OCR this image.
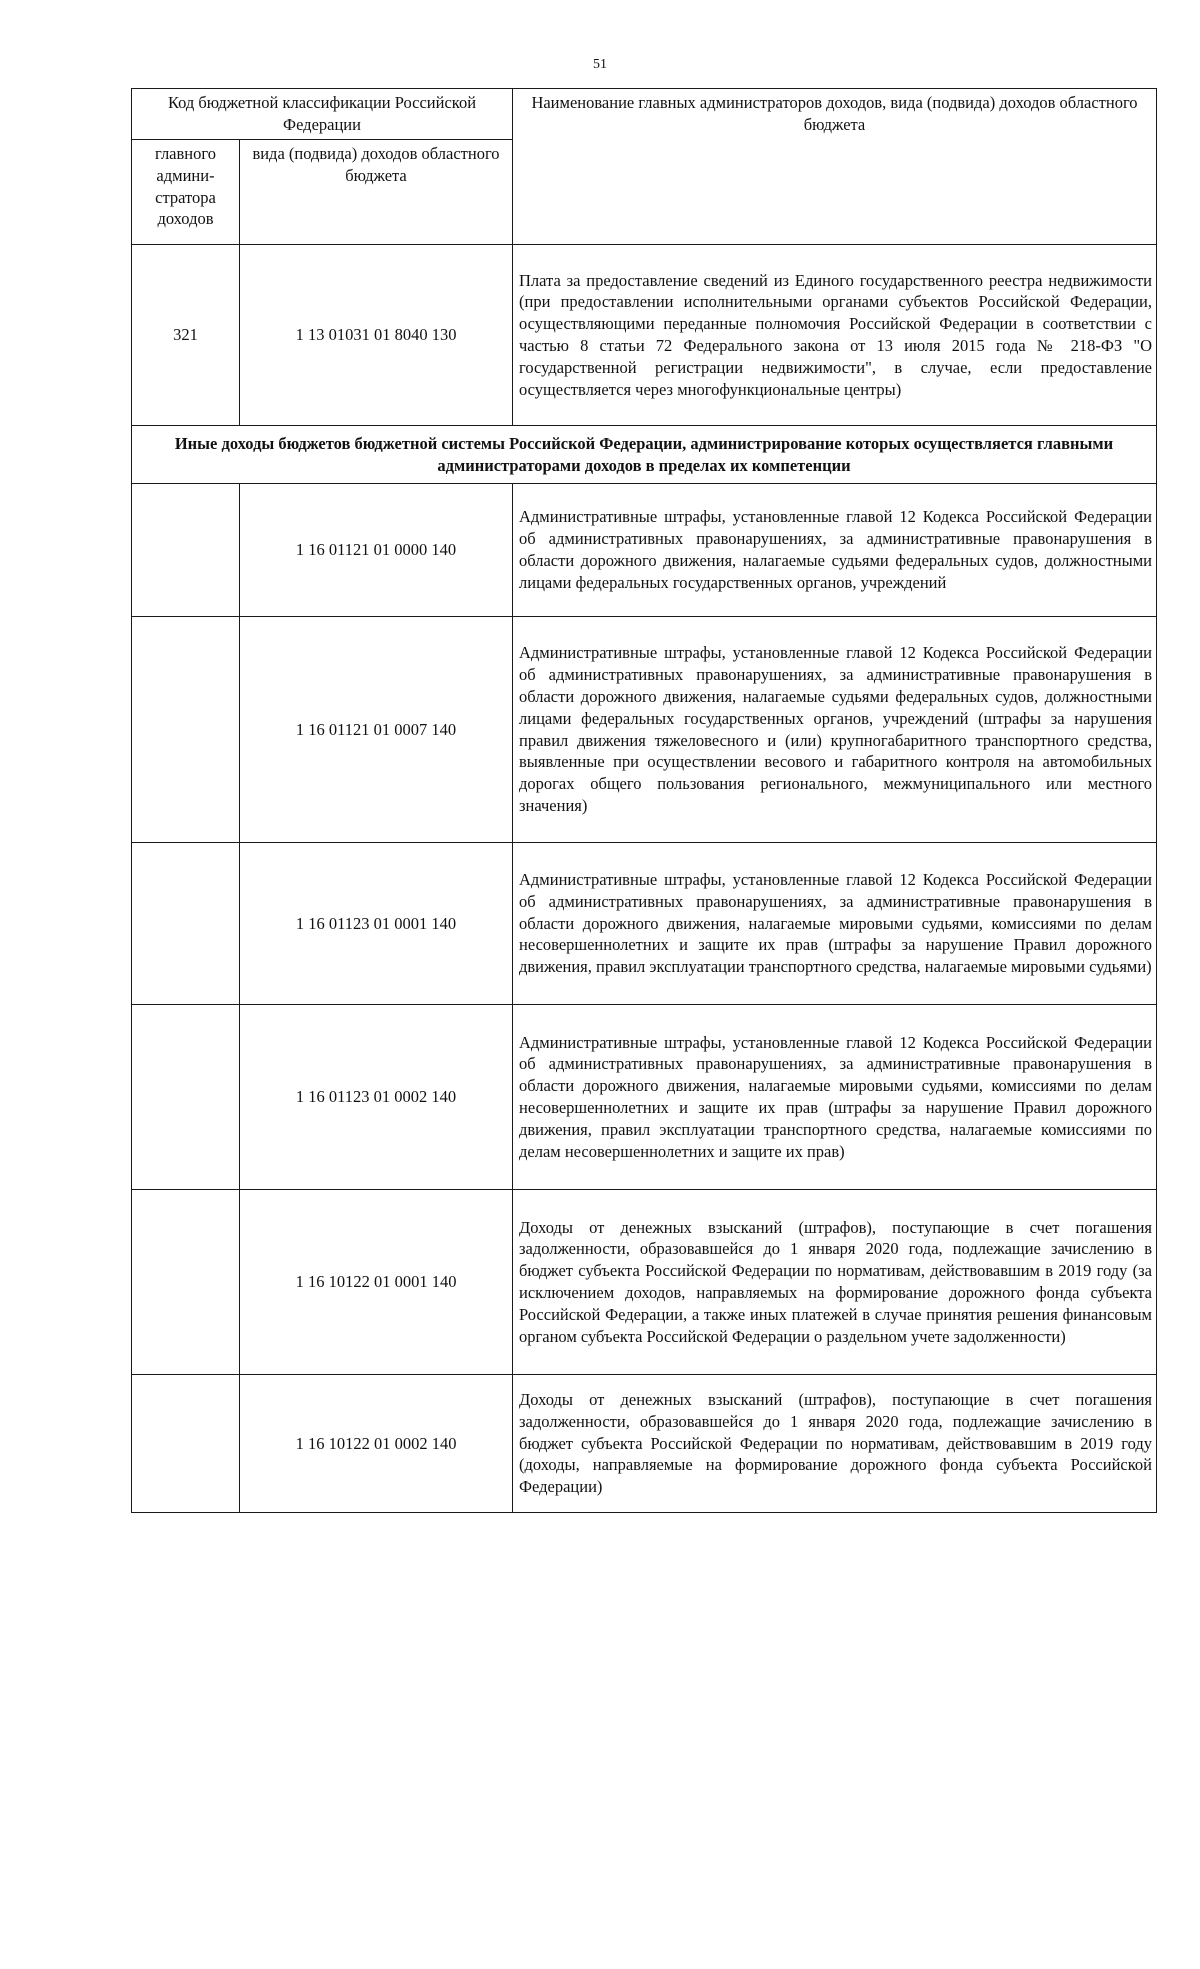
51
Код бюджетной классификации Российской Федерации		Наименование главных администраторов доходов, вида (подвида) доходов областного бюджета
главного админи-стратора доходов	вида (подвида) доходов областного бюджета	
321	1 13 01031 01 8040 130	Плата за предоставление сведений из Единого государственного реестра недвижимости (при предоставлении исполнительными органами субъектов Российской Федерации, осуществляющими переданные полномочия Российской Федерации в соответствии с частью 8 статьи 72 Федерального закона от 13 июля 2015 года № 218-ФЗ "О государственной регистрации недвижимости", в случае, если предоставление осуществляется через многофункциональные центры)
Иные доходы бюджетов бюджетной системы Российской Федерации, администрирование которых осуществляется главными администраторами доходов в пределах их компетенции		
	1 16 01121 01 0000 140	Административные штрафы, установленные главой 12 Кодекса Российской Федерации об административных правонарушениях, за административные правонарушения в области дорожного движения, налагаемые судьями федеральных судов, должностными лицами федеральных государственных органов, учреждений
	1 16 01121 01 0007 140	Административные штрафы, установленные главой 12 Кодекса Российской Федерации об административных правонарушениях, за административные правонарушения в области дорожного движения, налагаемые судьями федеральных судов, должностными лицами федеральных государственных органов, учреждений (штрафы за нарушения правил движения тяжеловесного и (или) крупногабаритного транспортного средства, выявленные при осуществлении весового и габаритного контроля на автомобильных дорогах общего пользования регионального, межмуниципального или местного значения)
	1 16 01123 01 0001 140	Административные штрафы, установленные главой 12 Кодекса Российской Федерации об административных правонарушениях, за административные правонарушения в области дорожного движения, налагаемые мировыми судьями, комиссиями по делам несовершеннолетних и защите их прав (штрафы за нарушение Правил дорожного движения, правил эксплуатации транспортного средства, налагаемые мировыми судьями)
	1 16 01123 01 0002 140	Административные штрафы, установленные главой 12 Кодекса Российской Федерации об административных правонарушениях, за административные правонарушения в области дорожного движения, налагаемые мировыми судьями, комиссиями по делам несовершеннолетних и защите их прав (штрафы за нарушение Правил дорожного движения, правил эксплуатации транспортного средства, налагаемые комиссиями по делам несовершеннолетних и защите их прав)
	1 16 10122 01 0001 140	Доходы от денежных взысканий (штрафов), поступающие в счет погашения задолженности, образовавшейся до 1 января 2020 года, подлежащие зачислению в бюджет субъекта Российской Федерации по нормативам, действовавшим в 2019 году (за исключением доходов, направляемых на формирование дорожного фонда субъекта Российской Федерации, а также иных платежей в случае принятия решения финансовым органом субъекта Российской Федерации о раздельном учете задолженности)
	1 16 10122 01 0002 140	Доходы от денежных взысканий (штрафов), поступающие в счет погашения задолженности, образовавшейся до 1 января 2020 года, подлежащие зачислению в бюджет субъекта Российской Федерации по нормативам, действовавшим в 2019 году (доходы, направляемые на формирование дорожного фонда субъекта Российской Федерации)
